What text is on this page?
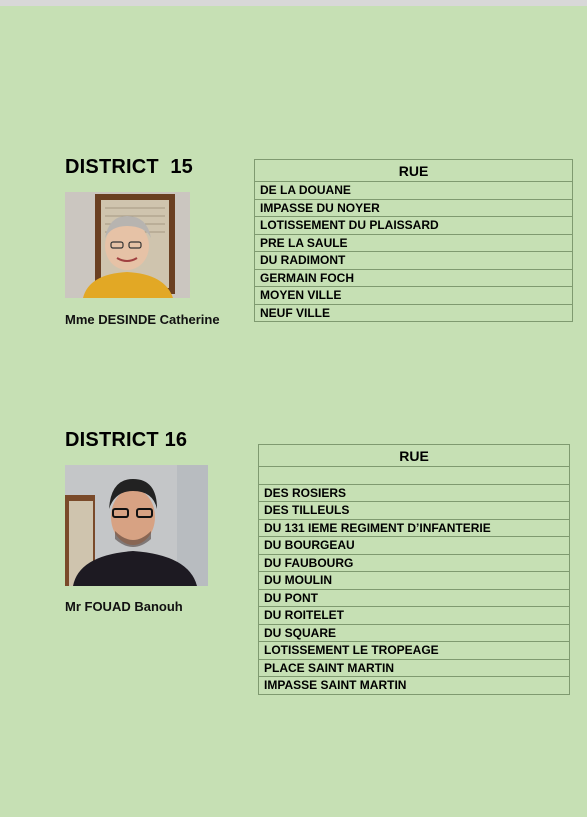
DISTRICT  15
Mme DESINDE Catherine
RUE
DE LA DOUANE
IMPASSE DU NOYER
LOTISSEMENT DU PLAISSARD
PRE LA SAULE
DU RADIMONT
GERMAIN FOCH
MOYEN VILLE
NEUF VILLE
DISTRICT 16
Mr FOUAD Banouh
RUE

DES ROSIERS
DES TILLEULS
DU 131 IEME REGIMENT D’INFANTERIE
DU BOURGEAU
DU FAUBOURG
DU MOULIN
DU PONT
DU ROITELET
DU SQUARE
LOTISSEMENT LE TROPEAGE
PLACE SAINT MARTIN
IMPASSE SAINT MARTIN
